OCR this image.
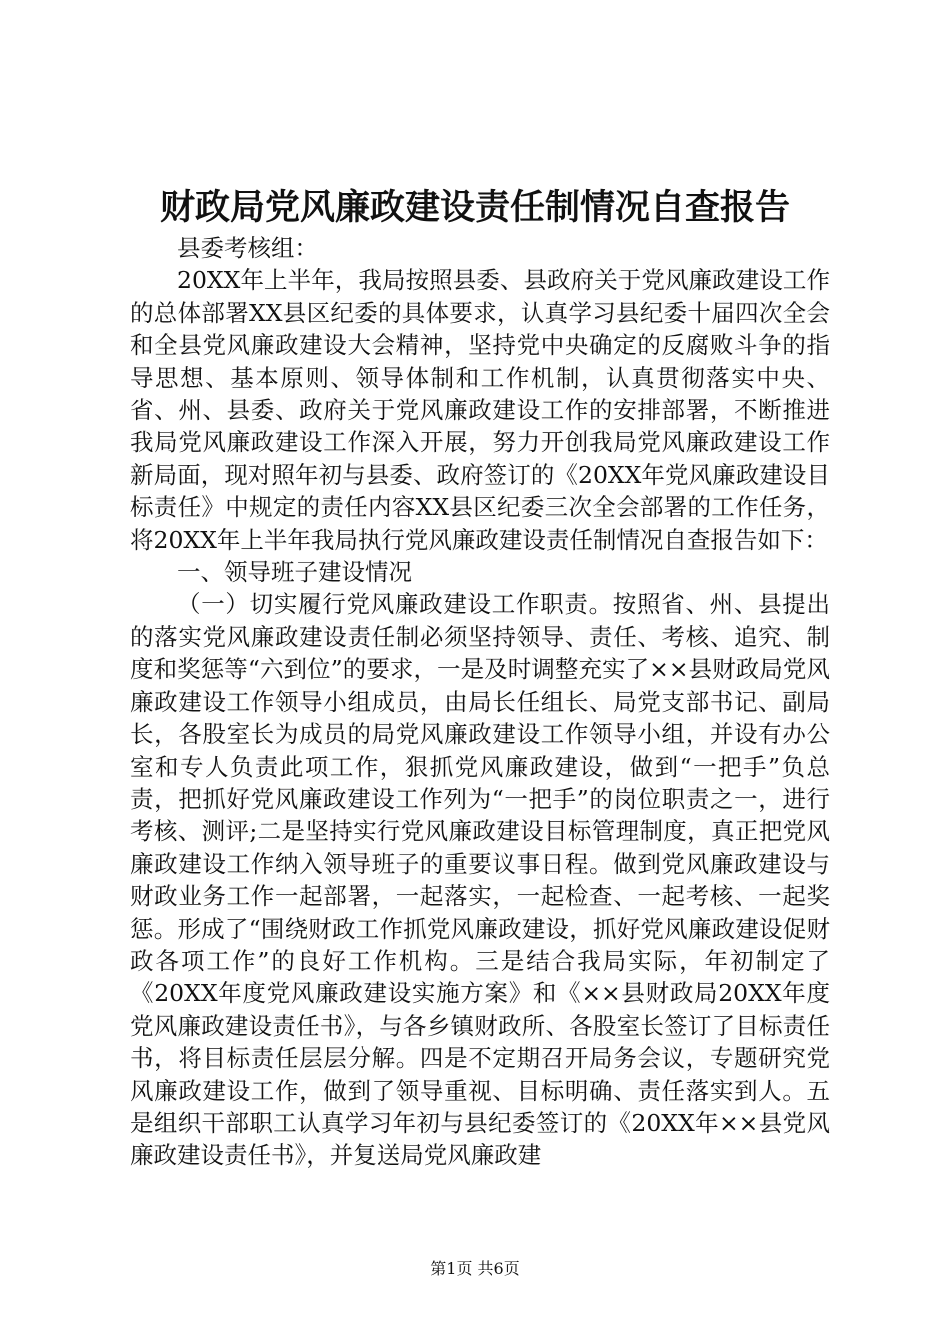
财政局党风廉政建设责任制情况自查报告

县委考核组：

20XX年上半年，我局按照县委、县政府关于党风廉政建设工作的总体部署XX县区纪委的具体要求，认真学习县纪委十届四次全会和全县党风廉政建设大会精神，坚持党中央确定的反腐败斗争的指导思想、基本原则、领导体制和工作机制，认真贯彻落实中央、省、州、县委、政府关于党风廉政建设工作的安排部署，不断推进我局党风廉政建设工作深入开展，努力开创我局党风廉政建设工作新局面，现对照年初与县委、政府签订的《20XX年党风廉政建设目标责任》中规定的责任内容XX县区纪委三次全会部署的工作任务，将20XX年上半年我局执行党风廉政建设责任制情况自查报告如下：

一、领导班子建设情况

（一）切实履行党风廉政建设工作职责。按照省、州、县提出的落实党风廉政建设责任制必须坚持领导、责任、考核、追究、制度和奖惩等“六到位”的要求，一是及时调整充实了××县财政局党风廉政建设工作领导小组成员，由局长任组长、局党支部书记、副局长，各股室长为成员的局党风廉政建设工作领导小组，并设有办公室和专人负责此项工作，狠抓党风廉政建设，做到“一把手”负总责，把抓好党风廉政建设工作列为“一把手”的岗位职责之一，进行考核、测评;二是坚持实行党风廉政建设目标管理制度，真正把党风廉政建设工作纳入领导班子的重要议事日程。做到党风廉政建设与财政业务工作一起部署，一起落实，一起检查、一起考核、一起奖惩。形成了“围绕财政工作抓党风廉政建设，抓好党风廉政建设促财政各项工作”的良好工作机构。三是结合我局实际，年初制定了《20XX年度党风廉政建设实施方案》和《××县财政局20XX年度党风廉政建设责任书》，与各乡镇财政所、各股室长签订了目标责任书，将目标责任层层分解。四是不定期召开局务会议，专题研究党风廉政建设工作，做到了领导重视、目标明确、责任落实到人。五是组织干部职工认真学习年初与县纪委签订的《20XX年××县党风廉政建设责任书》，并复送局党风廉政建

第1页 共6页
